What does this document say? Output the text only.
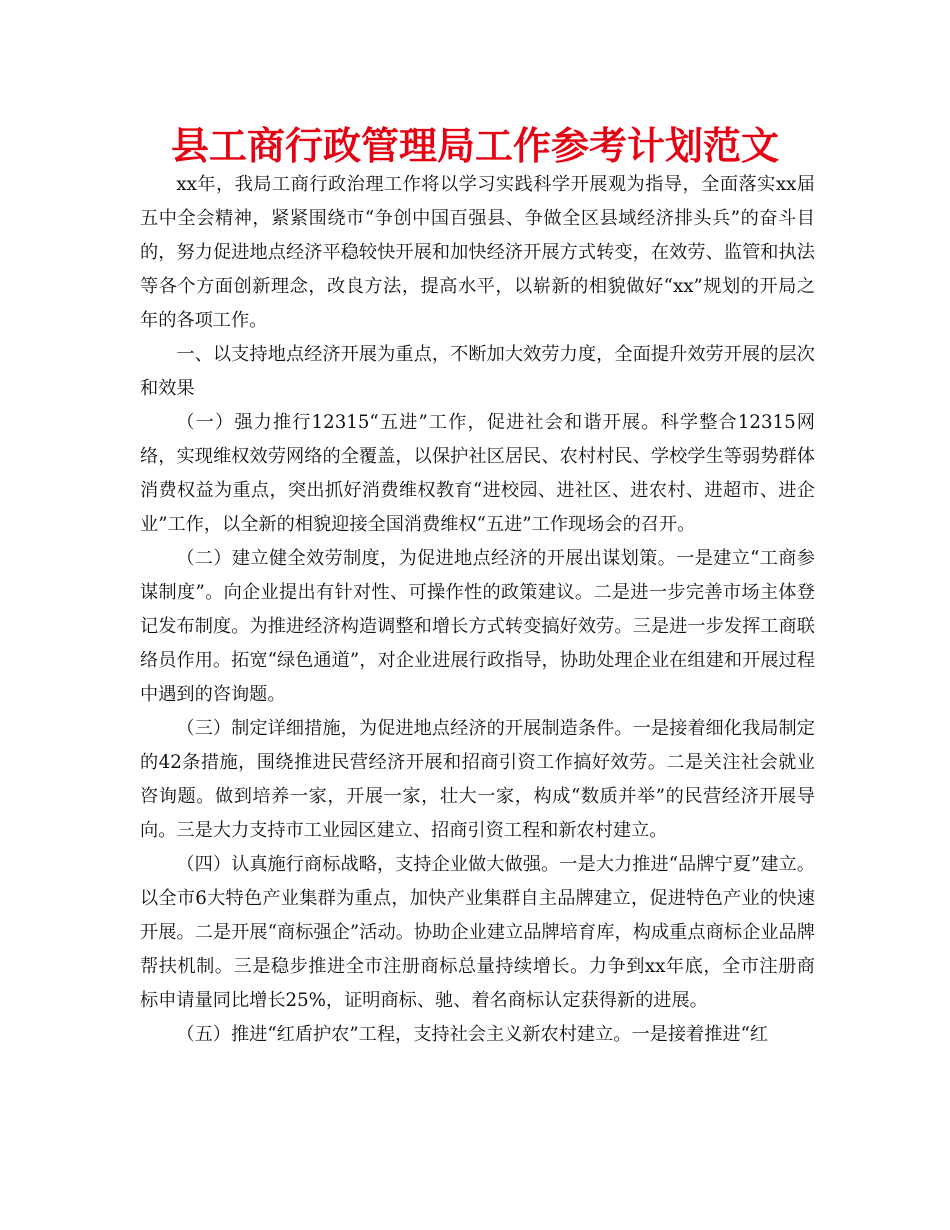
县工商行政管理局工作参考计划范文

xx年，我局工商行政治理工作将以学习实践科学开展观为指导，全面落实xx届五中全会精神，紧紧围绕市“争创中国百强县、争做全区县域经济排头兵”的奋斗目的，努力促进地点经济平稳较快开展和加快经济开展方式转变，在效劳、监管和执法等各个方面创新理念，改良方法，提高水平，以崭新的相貌做好“xx”规划的开局之年的各项工作。

一、以支持地点经济开展为重点，不断加大效劳力度，全面提升效劳开展的层次和效果

（一）强力推行12315“五进”工作，促进社会和谐开展。科学整合12315网络，实现维权效劳网络的全覆盖，以保护社区居民、农村村民、学校学生等弱势群体消费权益为重点，突出抓好消费维权教育“进校园、进社区、进农村、进超市、进企业”工作，以全新的相貌迎接全国消费维权“五进”工作现场会的召开。

（二）建立健全效劳制度，为促进地点经济的开展出谋划策。一是建立“工商参谋制度”。向企业提出有针对性、可操作性的政策建议。二是进一步完善市场主体登记发布制度。为推进经济构造调整和增长方式转变搞好效劳。三是进一步发挥工商联络员作用。拓宽“绿色通道”，对企业进展行政指导，协助处理企业在组建和开展过程中遇到的咨询题。

（三）制定详细措施，为促进地点经济的开展制造条件。一是接着细化我局制定的42条措施，围绕推进民营经济开展和招商引资工作搞好效劳。二是关注社会就业咨询题。做到培养一家，开展一家，壮大一家，构成“数质并举”的民营经济开展导向。三是大力支持市工业园区建立、招商引资工程和新农村建立。

（四）认真施行商标战略，支持企业做大做强。一是大力推进“品牌宁夏”建立。以全市6大特色产业集群为重点，加快产业集群自主品牌建立，促进特色产业的快速开展。二是开展“商标强企”活动。协助企业建立品牌培育库，构成重点商标企业品牌帮扶机制。三是稳步推进全市注册商标总量持续增长。力争到xx年底，全市注册商标申请量同比增长25%，证明商标、驰、着名商标认定获得新的进展。

（五）推进“红盾护农”工程，支持社会主义新农村建立。一是接着推进“红
